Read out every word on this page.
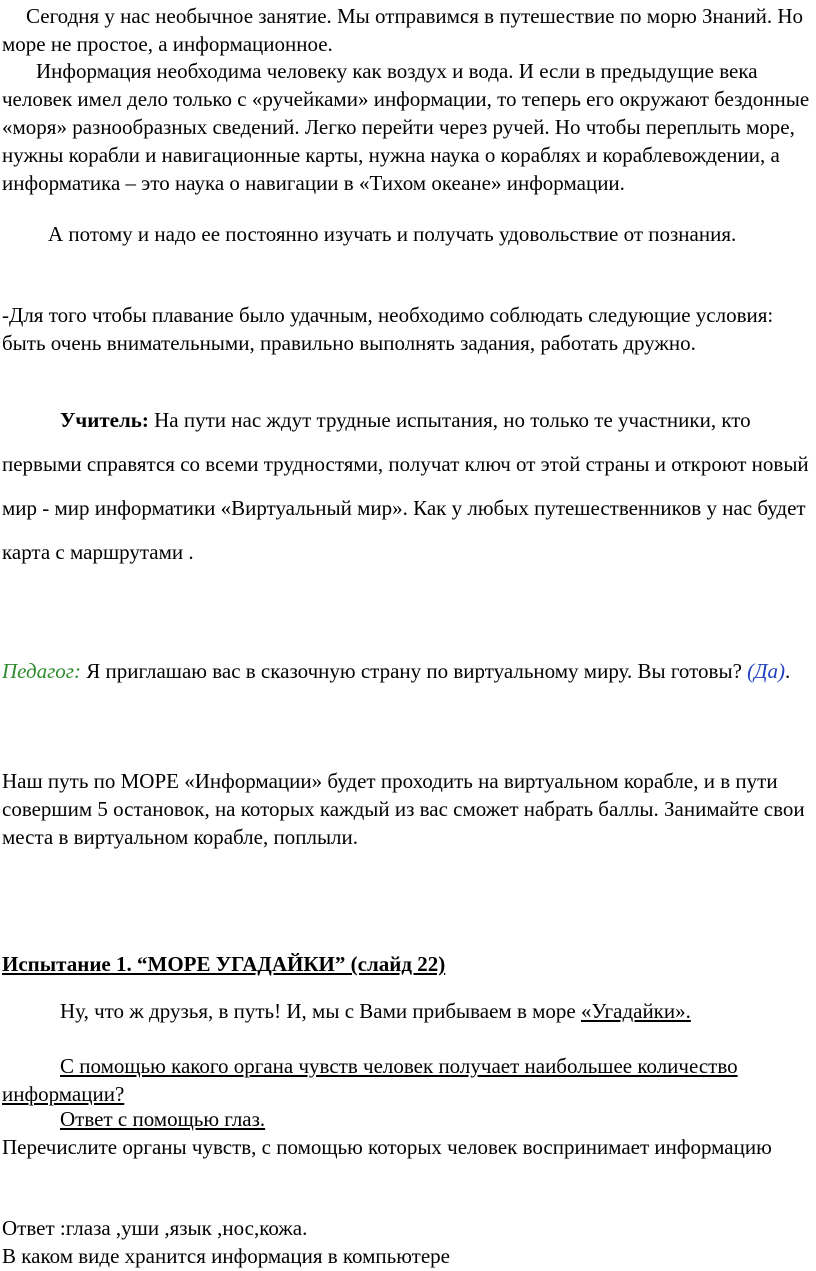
Сегодня у нас необычное занятие. Мы отправимся в путешествие по морю Знаний. Но море не простое, а информационное.

Информация необходима человеку как воздух и вода. И если в предыдущие века человек имел дело только с «ручейками» информации, то теперь его окружают бездонные «моря» разнообразных сведений. Легко перейти через ручей. Но чтобы переплыть море, нужны корабли и навигационные карты, нужна наука о кораблях и кораблевождении, а информатика – это наука о навигации в «Тихом океане» информации.

А потому и надо ее постоянно изучать и получать удовольствие от познания.

-Для того чтобы плавание было удачным, необходимо соблюдать следующие условия: быть очень внимательными, правильно выполнять задания, работать дружно.

Учитель: На пути нас ждут трудные испытания, но только те участники, кто первыми справятся со всеми трудностями, получат ключ от этой страны и откроют новый мир - мир информатики «Виртуальный мир». Как у любых путешественников у нас будет карта с маршрутами .

Педагог: Я приглашаю вас в сказочную страну по виртуальному миру. Вы готовы? (Да).

Наш путь по МОРЕ «Информации» будет проходить на виртуальном корабле, и в пути совершим 5 остановок, на которых каждый из вас сможет набрать баллы. Занимайте свои места в виртуальном корабле, поплыли.

Испытание 1. “МОРЕ УГАДАЙКИ” (слайд 22)

Ну, что ж друзья, в путь! И, мы с Вами прибываем в море «Угадайки».

С помощью какого органа чувств человек получает наибольшее количество информации?

Ответ с помощью глаз.

Перечислите органы чувств, с помощью которых человек воспринимает информацию

Ответ :глаза ,уши ,язык ,нос,кожа.

В каком виде хранится информация в компьютере
